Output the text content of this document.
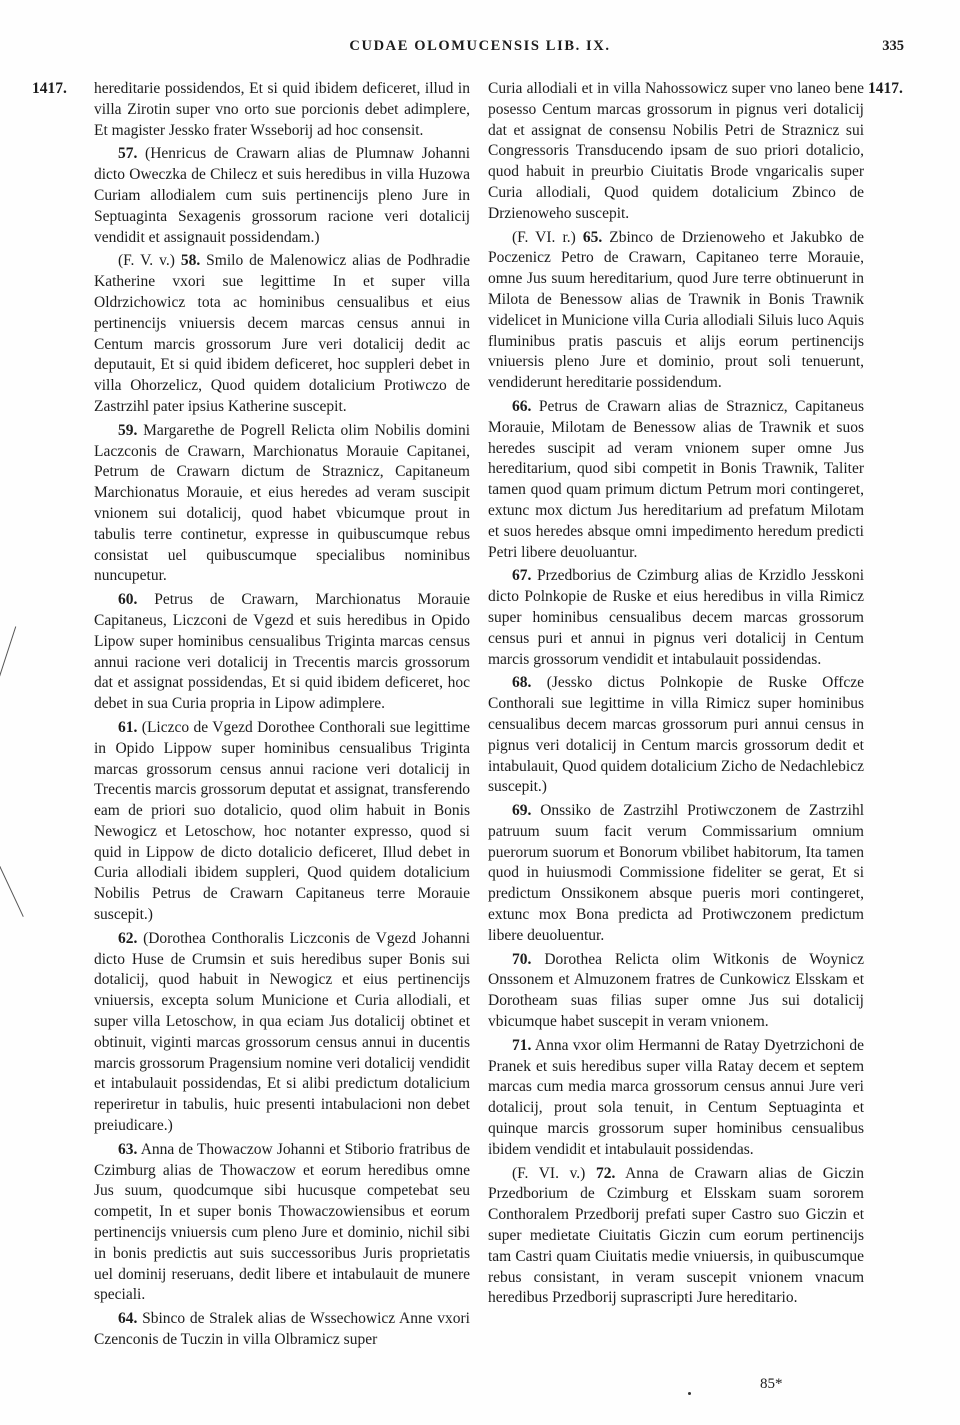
CUDAE OLOMUCENSIS LIB. IX.	335
1417.	1417.

hereditarie possidendos, Et si quid ibidem deficeret, illud in villa Zirotin super vno orto sue porcionis debet adimplere, Et magister Jessko frater Wsseborij ad hoc consensit.

57. (Henricus de Crawarn alias de Plumnaw Johanni dicto Oweczka de Chilecz et suis heredibus in villa Huzowa Curiam allodialem cum suis pertinencijs pleno Jure in Septuaginta Sexagenis grossorum racione veri dotalicij vendidit et assignauit possidendam.)

(F. V. v.) 58. Smilo de Malenowicz alias de Podhradie Katherine vxori sue legittime In et super villa Oldrzichowicz tota ac hominibus censualibus et eius pertinencijs vniuersis decem marcas census annui in Centum marcis grossorum Jure veri dotalicij dedit ac deputauit, Et si quid ibidem deficeret, hoc suppleri debet in villa Ohorzelicz, Quod quidem dotalicium Protiwczo de Zastrzihl pater ipsius Katherine suscepit.

59. Margarethe de Pogrell Relicta olim Nobilis domini Laczconis de Crawarn, Marchionatus Morauie Capitanei, Petrum de Crawarn dictum de Straznicz, Capitaneum Marchionatus Morauie, et eius heredes ad veram suscipit vnionem sui dotalicij, quod habet vbicumque prout in tabulis terre continetur, expresse in quibuscumque rebus consistat uel quibuscumque specialibus nominibus nuncupetur.

60. Petrus de Crawarn, Marchionatus Morauie Capitaneus, Liczconi de Vgezd et suis heredibus in Opido Lipow super hominibus censualibus Triginta marcas census annui racione veri dotalicij in Trecentis marcis grossorum dat et assignat possidendas, Et si quid ibidem deficeret, hoc debet in sua Curia propria in Lipow adimplere.

61. (Liczco de Vgezd Dorothee Conthorali sue legittime in Opido Lippow super hominibus censualibus Triginta marcas grossorum census annui racione veri dotalicij in Trecentis marcis grossorum deputat et assignat, transferendo eam de priori suo dotalicio, quod olim habuit in Bonis Newogicz et Letoschow, hoc notanter expresso, quod si quid in Lippow de dicto dotalicio deficeret, Illud debet in Curia allodiali ibidem suppleri, Quod quidem dotalicium Nobilis Petrus de Crawarn Capitaneus terre Morauie suscepit.)

62. (Dorothea Conthoralis Liczconis de Vgezd Johanni dicto Huse de Crumsin et suis heredibus super Bonis sui dotalicij, quod habuit in Newogicz et eius pertinencijs vniuersis, excepta solum Municione et Curia allodiali, et super villa Letoschow, in qua eciam Jus dotalicij obtinet et obtinuit, viginti marcas grossorum census annui in ducentis marcis grossorum Pragensium nomine veri dotalicij vendidit et intabulauit possidendas, Et si alibi predictum dotalicium reperiretur in tabulis, huic presenti intabulacioni non debet preiudicare.)

63. Anna de Thowaczow Johanni et Stiborio fratribus de Czimburg alias de Thowaczow et eorum heredibus omne Jus suum, quodcumque sibi hucusque competebat seu competit, In et super bonis Thowaczowiensibus et eorum pertinencijs vniuersis cum pleno Jure et dominio, nichil sibi in bonis predictis aut suis successoribus Juris proprietatis uel dominij reseruans, dedit libere et intabulauit de munere speciali.

64. Sbinco de Stralek alias de Wssechowicz Anne vxori Czenconis de Tuczin in villa Olbramicz super

Curia allodiali et in villa Nahossowicz super vno laneo bene posesso Centum marcas grossorum in pignus veri dotalicij dat et assignat de consensu Nobilis Petri de Straznicz sui Congressoris Transducendo ipsam de suo priori dotalicio, quod habuit in preurbio Ciuitatis Brode vngaricalis super Curia allodiali, Quod quidem dotalicium Zbinco de Drzienoweho suscepit.

(F. VI. r.) 65. Zbinco de Drzienoweho et Jakubko de Poczenicz Petro de Crawarn, Capitaneo terre Morauie, omne Jus suum hereditarium, quod Jure terre obtinuerunt in Milota de Benessow alias de Trawnik in Bonis Trawnik videlicet in Municione villa Curia allodiali Siluis luco Aquis fluminibus pratis pascuis et alijs eorum pertinencijs vniuersis pleno Jure et dominio, prout soli tenuerunt, vendiderunt hereditarie possidendum.

66. Petrus de Crawarn alias de Straznicz, Capitaneus Morauie, Milotam de Benessow alias de Trawnik et suos heredes suscipit ad veram vnionem super omne Jus hereditarium, quod sibi competit in Bonis Trawnik, Taliter tamen quod quam primum dictum Petrum mori contingeret, extunc mox dictum Jus hereditarium ad prefatum Milotam et suos heredes absque omni impedimento heredum predicti Petri libere deuoluantur.

67. Przedborius de Czimburg alias de Krzidlo Jesskoni dicto Polnkopie de Ruske et eius heredibus in villa Rimicz super hominibus censualibus decem marcas grossorum census puri et annui in pignus veri dotalicij in Centum marcis grossorum vendidit et intabulauit possidendas.

68. (Jessko dictus Polnkopie de Ruske Offcze Conthorali sue legittime in villa Rimicz super hominibus censualibus decem marcas grossorum puri annui census in pignus veri dotalicij in Centum marcis grossorum dedit et intabulauit, Quod quidem dotalicium Zicho de Nedachlebicz suscepit.)

69. Onssiko de Zastrzihl Protiwczonem de Zastrzihl patruum suum facit verum Commissarium omnium puerorum suorum et Bonorum vbilibet habitorum, Ita tamen quod in huiusmodi Commissione fideliter se gerat, Et si predictum Onssikonem absque pueris mori contingeret, extunc mox Bona predicta ad Protiwczonem predictum libere deuoluentur.

70. Dorothea Relicta olim Witkonis de Woynicz Onssonem et Almuzonem fratres de Cunkowicz Elsskam et Dorotheam suas filias super omne Jus sui dotalicij vbicumque habet suscepit in veram vnionem.

71. Anna vxor olim Hermanni de Ratay Dyetrzichoni de Pranek et suis heredibus super villa Ratay decem et septem marcas cum media marca grossorum census annui Jure veri dotalicij, prout sola tenuit, in Centum Septuaginta et quinque marcis grossorum super hominibus censualibus ibidem vendidit et intabulauit possidendas.

(F. VI. v.) 72. Anna de Crawarn alias de Giczin Przedborium de Czimburg et Elsskam suam sororem Conthoralem Przedborij prefati super Castro suo Giczin et super medietate Ciuitatis Giczin cum eorum pertinencijs tam Castri quam Ciuitatis medie vniuersis, in quibuscumque rebus consistant, in veram suscepit vnionem vnacum heredibus Przedborij suprascripti Jure hereditario.

85*
